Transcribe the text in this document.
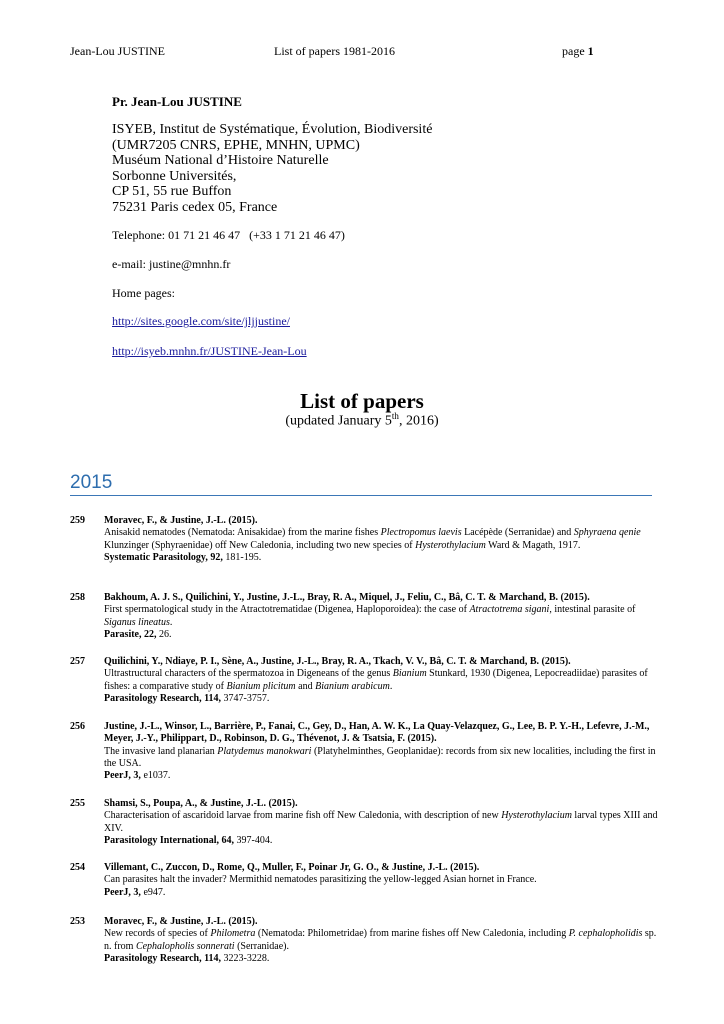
Jean-Lou JUSTINE	List of papers 1981-2016	page 1
Pr. Jean-Lou JUSTINE
ISYEB, Institut de Systématique, Évolution, Biodiversité
(UMR7205 CNRS, EPHE, MNHN, UPMC)
Muséum National d’Histoire Naturelle
Sorbonne Universités,
CP 51, 55 rue Buffon
75231 Paris cedex 05, France
Telephone: 01 71 21 46 47   (+33 1 71 21 46 47)
e-mail: justine@mnhn.fr
Home pages:
http://sites.google.com/site/jljjustine/
http://isyeb.mnhn.fr/JUSTINE-Jean-Lou
List of papers
(updated January 5th, 2016)
2015
259 Moravec, F., & Justine, J.-L. (2015).
Anisakid nematodes (Nematoda: Anisakidae) from the marine fishes Plectropomus laevis Lacépède (Serranidae) and Sphyraena qenie Klunzinger (Sphyraenidae) off New Caledonia, including two new species of Hysterothylacium Ward & Magath, 1917.
Systematic Parasitology, 92, 181-195.
258 Bakhoum, A. J. S., Quilichini, Y., Justine, J.-L., Bray, R. A., Miquel, J., Feliu, C., Bâ, C. T. & Marchand, B. (2015).
First spermatological study in the Atractotrematidae (Digenea, Haploporoidea): the case of Atractotrema sigani, intestinal parasite of Siganus lineatus.
Parasite, 22, 26.
257 Quilichini, Y., Ndiaye, P. I., Sène, A., Justine, J.-L., Bray, R. A., Tkach, V. V., Bâ, C. T. & Marchand, B. (2015).
Ultrastructural characters of the spermatozoa in Digeneans of the genus Bianium Stunkard, 1930 (Digenea, Lepocreadiidae) parasites of fishes: a comparative study of Bianium plicitum and Bianium arabicum.
Parasitology Research, 114, 3747-3757.
256 Justine, J.-L., Winsor, L., Barrière, P., Fanai, C., Gey, D., Han, A. W. K., La Quay-Velazquez, G., Lee, B. P. Y.-H., Lefevre, J.-M., Meyer, J.-Y., Philippart, D., Robinson, D. G., Thévenot, J. & Tsatsia, F. (2015).
The invasive land planarian Platydemus manokwari (Platyhelminthes, Geoplanidae): records from six new localities, including the first in the USA.
PeerJ, 3, e1037.
255 Shamsi, S., Poupa, A., & Justine, J.-L. (2015).
Characterisation of ascaridoid larvae from marine fish off New Caledonia, with description of new Hysterothylacium larval types XIII and XIV.
Parasitology International, 64, 397-404.
254 Villemant, C., Zuccon, D., Rome, Q., Muller, F., Poinar Jr, G. O., & Justine, J.-L. (2015).
Can parasites halt the invader? Mermithid nematodes parasitizing the yellow-legged Asian hornet in France.
PeerJ, 3, e947.
253 Moravec, F., & Justine, J.-L. (2015).
New records of species of Philometra (Nematoda: Philometridae) from marine fishes off New Caledonia, including P. cephalopholidis sp. n. from Cephalopholis sonnerati (Serranidae).
Parasitology Research, 114, 3223-3228.
